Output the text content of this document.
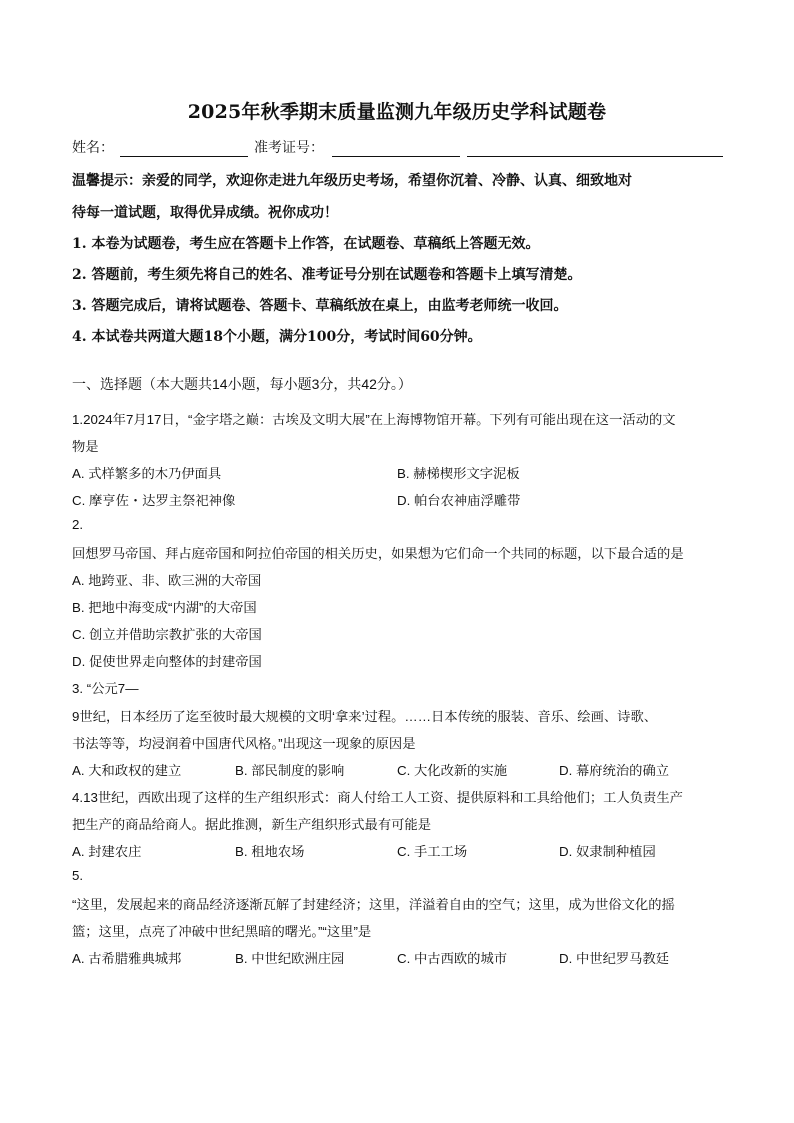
2025年秋季期末质量监测九年级历史学科试题卷
姓名：	准考证号：
温馨提示：亲爱的同学，欢迎你走进九年级历史考场，希望你沉着、冷静、认真、细致地对
待每一道试题，取得优异成绩。祝你成功！
1. 本卷为试题卷，考生应在答题卡上作答，在试题卷、草稿纸上答题无效。
2. 答题前，考生须先将自己的姓名、准考证号分别在试题卷和答题卡上填写清楚。
3. 答题完成后，请将试题卷、答题卡、草稿纸放在桌上，由监考老师统一收回。
4. 本试卷共两道大题18个小题，满分100分，考试时间60分钟。
一、选择题（本大题共14小题，每小题3分，共42分。）
1.2024年7月17日，“金字塔之巅：古埃及文明大展”在上海博物馆开幕。下列有可能出现在这一活动的文
物是
A. 式样繁多的木乃伊面具	B. 赫梯楔形文字泥板
C. 摩亨佐・达罗主祭祀神像	D. 帕台农神庙浮雕带
2.
回想罗马帝国、拜占庭帝国和阿拉伯帝国的相关历史，如果想为它们命一个共同的标题，以下最合适的是
A. 地跨亚、非、欧三洲的大帝国
B. 把地中海变成“内湖”的大帝国
C. 创立并借助宗教扩张的大帝国
D. 促使世界走向整体的封建帝国
3. “公元7—
9世纪，日本经历了迄至彼时最大规模的文明‘拿来’过程。……日本传统的服装、音乐、绘画、诗歌、
书法等等，均浸润着中国唐代风格。”出现这一现象的原因是
A. 大和政权的建立	B. 部民制度的影响	C. 大化改新的实施	D. 幕府统治的确立
4.13世纪，西欧出现了这样的生产组织形式：商人付给工人工资、提供原料和工具给他们；工人负责生产
把生产的商品给商人。据此推测，新生产组织形式最有可能是
A. 封建农庄	B. 租地农场	C. 手工工场	D. 奴隶制种植园
5.
“这里，发展起来的商品经济逐渐瓦解了封建经济；这里，洋溢着自由的空气；这里，成为世俗文化的摇
篮；这里，点亮了冲破中世纪黑暗的曙光。”“这里”是
A. 古希腊雅典城邦	B. 中世纪欧洲庄园	C. 中古西欧的城市	D. 中世纪罗马教廷
